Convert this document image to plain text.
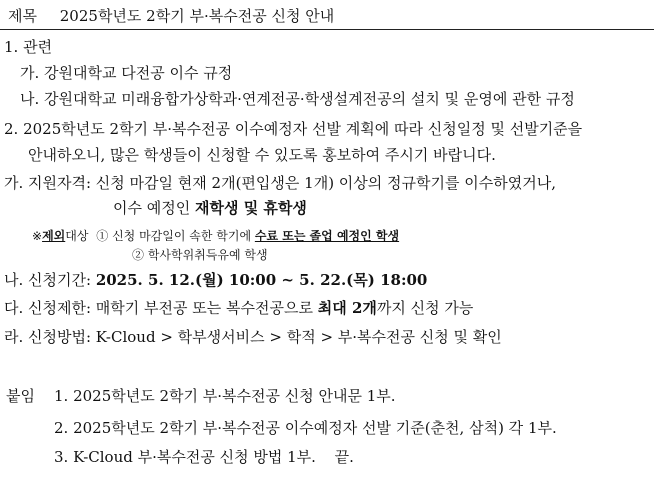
제목 2025학년도 2학기 부·복수전공 신청 안내
1. 관련
가. 강원대학교 다전공 이수 규정
나. 강원대학교 미래융합가상학과·연계전공·학생설계전공의 설치 및 운영에 관한 규정
2. 2025학년도 2학기 부·복수전공 이수예정자 선발 계획에 따라 신청일정 및 선발기준을
안내하오니, 많은 학생들이 신청할 수 있도록 홍보하여 주시기 바랍니다.
가. 지원자격: 신청 마감일 현재 2개(편입생은 1개) 이상의 정규학기를 이수하였거나,
이수 예정인 재학생 및 휴학생
※제외대상 ① 신청 마감일이 속한 학기에 수료 또는 졸업 예정인 학생
② 학사학위취득유예 학생
나. 신청기간: 2025. 5. 12.(월) 10:00 ~ 5. 22.(목) 18:00
다. 신청제한: 매학기 부전공 또는 복수전공으로 최대 2개까지 신청 가능
라. 신청방법: K-Cloud > 학부생서비스 > 학적 > 부·복수전공 신청 및 확인
붙임 1. 2025학년도 2학기 부·복수전공 신청 안내문 1부.
2. 2025학년도 2학기 부·복수전공 이수예정자 선발 기준(춘천, 삼척) 각 1부.
3. K-Cloud 부·복수전공 신청 방법 1부. 끝.
